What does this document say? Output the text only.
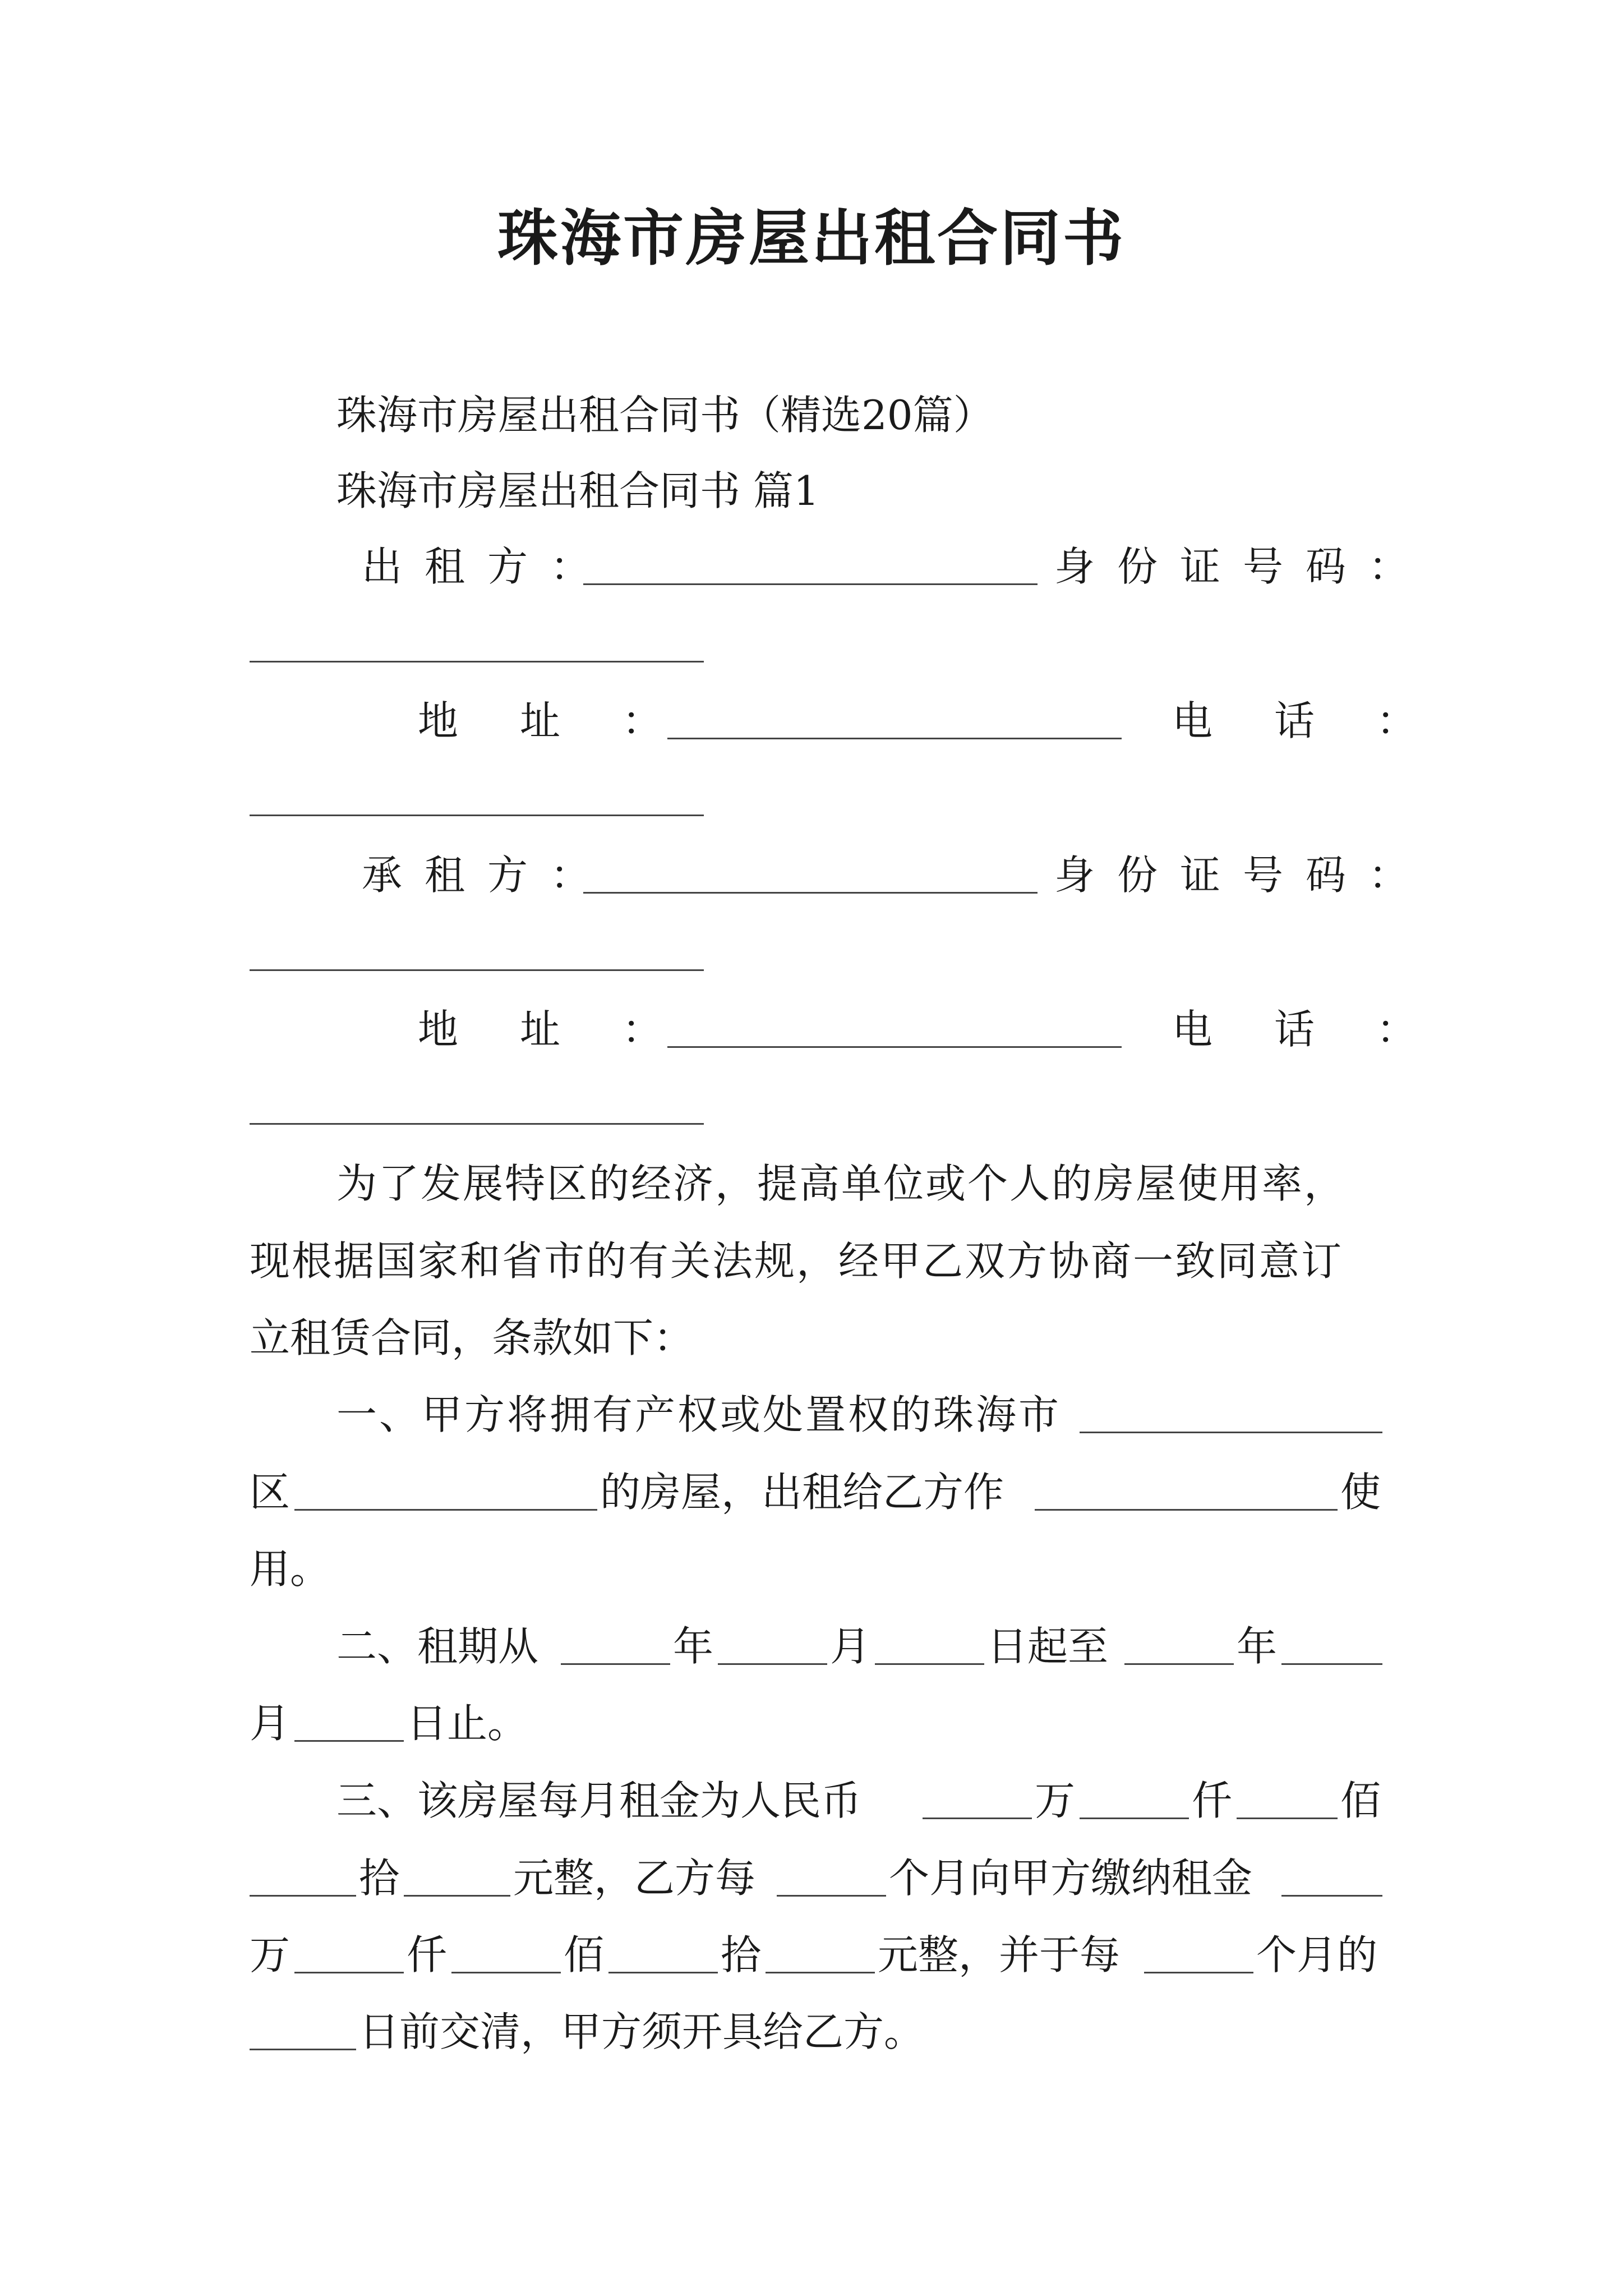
珠海市房屋出租合同书
珠海市房屋出租合同书（精选20篇）
珠海市房屋出租合同书 篇1
出租方：	身份证号码：
地址：	电话：
承租方：	身份证号码：
地址：	电话：
为了发展特区的经济，提高单位或个人的房屋使用率，
现根据国家和省市的有关法规，经甲乙双方协商一致同意订
立租赁合同，条款如下：
一、甲方将拥有产权或处置权的珠海市
区	的房屋，出租给乙方作	使
用。
二、租期从	年	月	日起至	年
月	日止。
三、该房屋每月租金为人民币	万	仟	佰
拾	元整，乙方每	个月向甲方缴纳租金
万	仟	佰	拾	元整，并于每	个月的
日前交清，甲方须开具给乙方。
